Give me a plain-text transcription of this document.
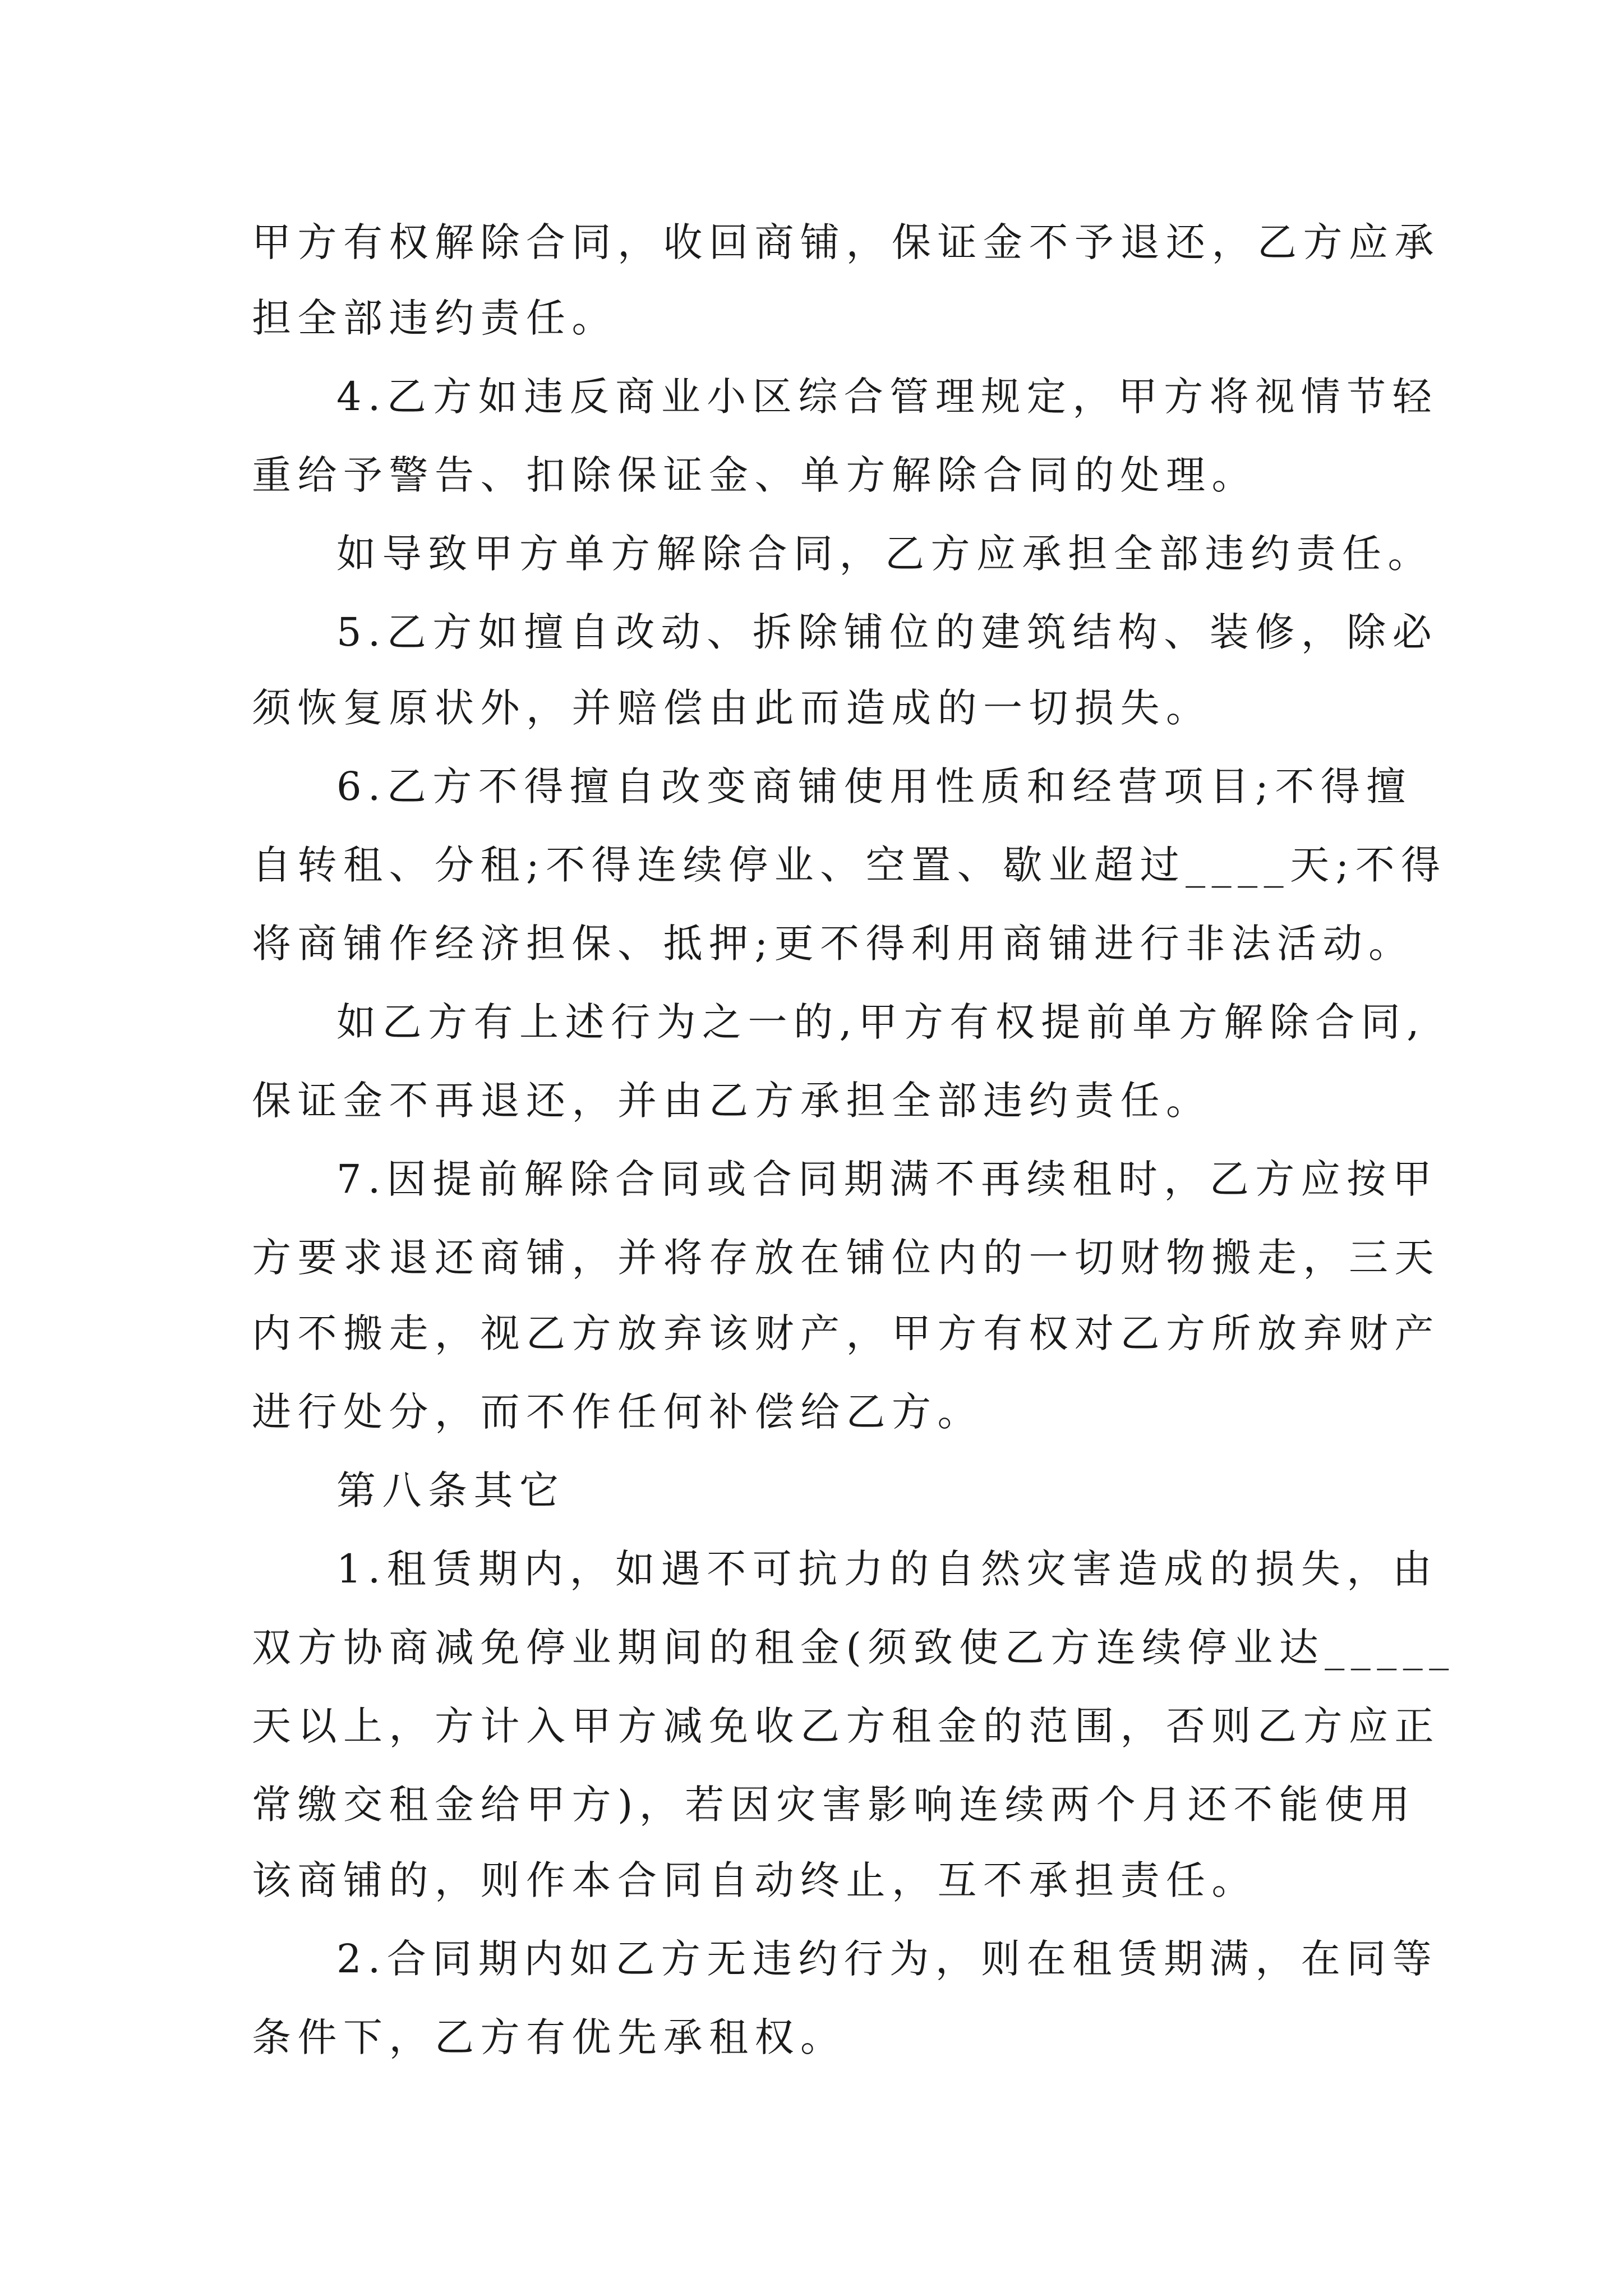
甲方有权解除合同，收回商铺，保证金不予退还，乙方应承

担全部违约责任。

4.乙方如违反商业小区综合管理规定，甲方将视情节轻

重给予警告、扣除保证金、单方解除合同的处理。

如导致甲方单方解除合同，乙方应承担全部违约责任。

5.乙方如擅自改动、拆除铺位的建筑结构、装修，除必

须恢复原状外，并赔偿由此而造成的一切损失。

6.乙方不得擅自改变商铺使用性质和经营项目;不得擅

自转租、分租;不得连续停业、空置、歇业超过____天;不得

将商铺作经济担保、抵押;更不得利用商铺进行非法活动。

如乙方有上述行为之一的,甲方有权提前单方解除合同,

保证金不再退还，并由乙方承担全部违约责任。

7.因提前解除合同或合同期满不再续租时，乙方应按甲

方要求退还商铺，并将存放在铺位内的一切财物搬走，三天

内不搬走，视乙方放弃该财产，甲方有权对乙方所放弃财产

进行处分，而不作任何补偿给乙方。

第八条其它

1.租赁期内，如遇不可抗力的自然灾害造成的损失，由

双方协商减免停业期间的租金(须致使乙方连续停业达_____

天以上，方计入甲方减免收乙方租金的范围，否则乙方应正

常缴交租金给甲方)，若因灾害影响连续两个月还不能使用

该商铺的，则作本合同自动终止，互不承担责任。

2.合同期内如乙方无违约行为，则在租赁期满，在同等

条件下，乙方有优先承租权。
